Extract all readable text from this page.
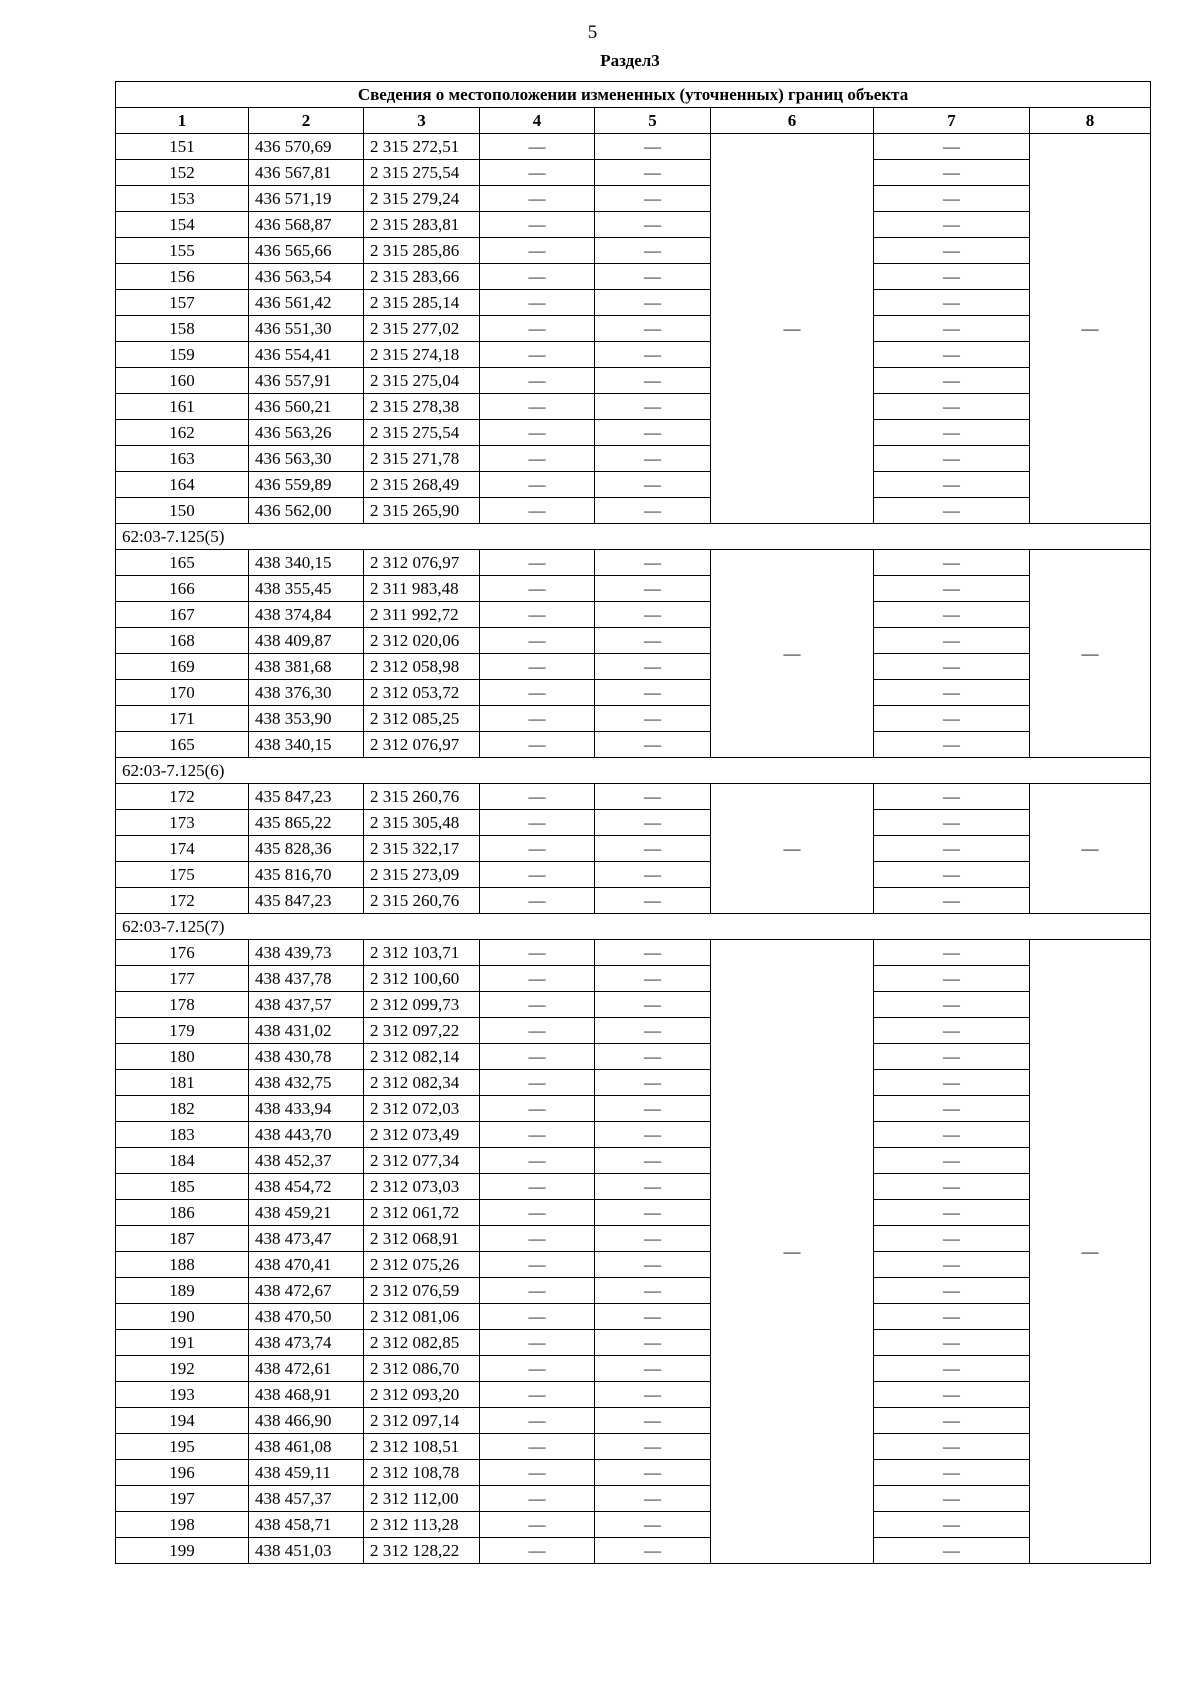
5
Раздел3
Сведения о местоположении измененных (уточненных) границ объекта							
1	2	3	4	5	6	7	8
151	436 570,69	2 315 272,51	—	—	—	—	—
152	436 567,81	2 315 275,54	—	—		—	
153	436 571,19	2 315 279,24	—	—		—	
154	436 568,87	2 315 283,81	—	—		—	
155	436 565,66	2 315 285,86	—	—		—	
156	436 563,54	2 315 283,66	—	—		—	
157	436 561,42	2 315 285,14	—	—		—	
158	436 551,30	2 315 277,02	—	—		—	
159	436 554,41	2 315 274,18	—	—		—	
160	436 557,91	2 315 275,04	—	—		—	
161	436 560,21	2 315 278,38	—	—		—	
162	436 563,26	2 315 275,54	—	—		—	
163	436 563,30	2 315 271,78	—	—		—	
164	436 559,89	2 315 268,49	—	—		—	
150	436 562,00	2 315 265,90	—	—		—	
62:03-7.125(5)							
165	438 340,15	2 312 076,97	—	—	—	—	—
166	438 355,45	2 311 983,48	—	—		—	
167	438 374,84	2 311 992,72	—	—		—	
168	438 409,87	2 312 020,06	—	—		—	
169	438 381,68	2 312 058,98	—	—		—	
170	438 376,30	2 312 053,72	—	—		—	
171	438 353,90	2 312 085,25	—	—		—	
165	438 340,15	2 312 076,97	—	—		—	
62:03-7.125(6)							
172	435 847,23	2 315 260,76	—	—	—	—	—
173	435 865,22	2 315 305,48	—	—		—	
174	435 828,36	2 315 322,17	—	—		—	
175	435 816,70	2 315 273,09	—	—		—	
172	435 847,23	2 315 260,76	—	—		—	
62:03-7.125(7)							
176	438 439,73	2 312 103,71	—	—	—	—	—
177	438 437,78	2 312 100,60	—	—		—	
178	438 437,57	2 312 099,73	—	—		—	
179	438 431,02	2 312 097,22	—	—		—	
180	438 430,78	2 312 082,14	—	—		—	
181	438 432,75	2 312 082,34	—	—		—	
182	438 433,94	2 312 072,03	—	—		—	
183	438 443,70	2 312 073,49	—	—		—	
184	438 452,37	2 312 077,34	—	—		—	
185	438 454,72	2 312 073,03	—	—		—	
186	438 459,21	2 312 061,72	—	—		—	
187	438 473,47	2 312 068,91	—	—		—	
188	438 470,41	2 312 075,26	—	—		—	
189	438 472,67	2 312 076,59	—	—		—	
190	438 470,50	2 312 081,06	—	—		—	
191	438 473,74	2 312 082,85	—	—		—	
192	438 472,61	2 312 086,70	—	—		—	
193	438 468,91	2 312 093,20	—	—		—	
194	438 466,90	2 312 097,14	—	—		—	
195	438 461,08	2 312 108,51	—	—		—	
196	438 459,11	2 312 108,78	—	—		—	
197	438 457,37	2 312 112,00	—	—		—	
198	438 458,71	2 312 113,28	—	—		—	
199	438 451,03	2 312 128,22	—	—		—	
